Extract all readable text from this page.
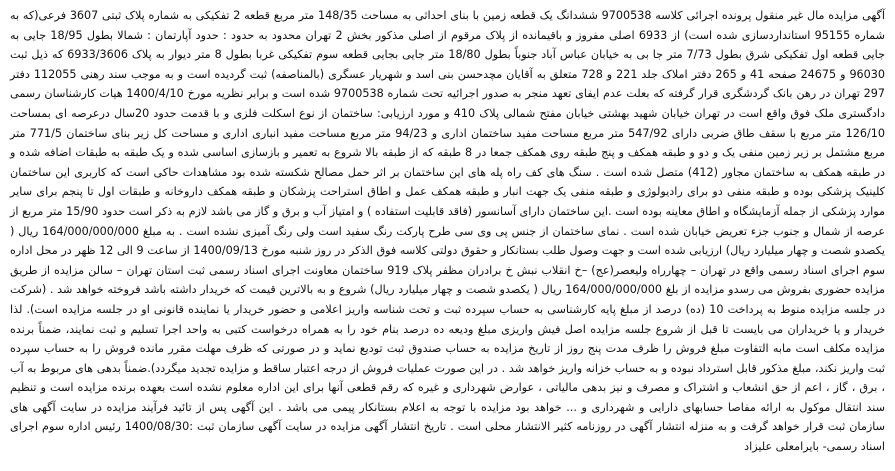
آگهی مزایده مال غیر منقول پرونده اجرائی کلاسه 9700538 ششدانگ یک قطعه زمین با بنای احداثی به مساحت 148/35 متر مربع قطعه 2 تفکیکی به شماره پلاک ثبتی 3607 فرعی(که به شماره 95155 استانداردسازی شده است) از 6933 اصلی مفروز و باقیمانده از پلاک مرقوم از اصلی مذکور بخش 2 تهران محدود به حدود : حدود آپارتمان : شمالا بطول 18/95 جایی به جایی قطعه اول تفکیکی شرق بطول 7/73 متر جا بی به خیابان عباس آباد جنوباً بطول 18/80 متر جایی بجایی قطعه سوم تفکیکی غربا بطول 8 متر دیوار به پلاک 6933/3606 که ذیل ثبت 96030 و 24675 صفحه 41 و 265 دفتر املاک جلد 221 و 728 متعلق به آقایان مچدحسن بنی اسد و شهریار عسگری (بالمناصفه) ثبت گردیده است و به موجب سند رهنی 112055 دفتر 297 تهران در رهن بانک گردشگری قرار گرفته که بعلت عدم ایفای تعهد منجر به صدور اجرائیه تحت شماره 9700538 شده است و برابر نظریه مورخ 1400/4/10 هیات کارشناسان رسمی دادگستری ملک فوق واقع است در تهران خیابان شهید بهشتی خیابان مفتح شمالی پلاک 410 و مورد ارزیابی: ساختمان از نوع اسکلت فلزی و با قدمت حدود 20سال درعرصه ای بمساحت 126/10 متر مربع با سقف طاق ضربی دارای 547/92 متر مربع مساحت مفید ساختمان اداری و 94/23 متر مربع مساحت مفید انباری اداری و مساحت کل زیر بنای ساختمان 771/5 متر مربع مشتمل بر زیر زمین منفی یک و دو و طبقه همکف و پنج طبقه روی همکف جمعا در 8 طبقه که از طبقه بالا شروع به تعمیر و بازسازی اساسی شده و یک طبقه به طبقات اضافه شده و در طبقه همکف به ساختمان مجاور (412) متصل شده است . سنگ های کف راه پله های این ساختمان بر اثر حمل مصالح شکسته شده بود مشاهدات حاکی است که کاربری این ساختمان کلینیک پزشکی بوده و طبقه منفی دو برای رادیولوژی و طبقه منفی یک جهت انبار و طبقه همکف عمل و اطاق استراحت پزشکان و طبقه همکف داروخانه و طبقات اول تا پنجم برای سایر موارد پزشکی از جمله آزمایشگاه و اطاق معاینه بوده است .این ساختمان دارای آسانسور (فاقد قابلیت استفاده ) و امتیاز آب و برق و گاز می باشد لازم به ذکر است حدود 15/90 متر مربع از عرصه از شمال و جنوب جزء تعریض خیابان شده است . نمای ساختمان از جنس پی وی سی طرح پارکت رنگ سفید است ولی رنگ آمیزی نشده است . به مبلغ 164/000/000/000 ریال ( یکصدو شصت و چهار میلیارد ریال) ارزیابی شده است و جهت وصول طلب بستانکار و حقوق دولتی کلاسه فوق الذکر در روز شنبه مورخ 1400/09/13 از ساعت 9 الی 12 ظهر در محل اداره سوم اجرای اسناد رسمی واقع در تهران – چهارراه ولیعصر(عج) –خ انقلاب نبش خ برادران مظفر پلاک 919 ساختمان معاونت اجرای اسناد رسمی ثبت استان تهران – سالن مزایده از طریق مزایده حضوری بفروش می رسدو مزایده از بلغ 164/000/000/000 ریال ( یکصدو شصت و چهار میلیارد ریال) شروع و به بالاترین قیمت که خریدار داشته باشد فروخته خواهد شد . (شرکت در جلسه مزایده منوط به پرداخت 10 (ده) درصد از مبلغ پایه کارشناسی به حساب سپرده ثبت و تحت شناسه واریز اعلامی و حضور خریدار یا نماینده قانونی او در جلسه مزایده است). لذا خریدار و یا خریداران می بایست تا قبل از شروع جلسه مزایده اصل فیش واریزی مبلغ ودیعه ده درصد بنام خود را به همراه درخواست کتبی به واحد اجرا تسلیم و ثبت نمایند، ضمناً برنده مزایده مکلف است مابه التفاوت مبلغ فروش را ظرف مدت پنج روز از تاریخ مزایده به حساب صندوق ثبت تودیع نماید و در صورتی که ظرف مهلت مقرر مانده فروش را به حساب سپرده ثبت واریز نکند، مبلغ مذکور قابل استرداد نبوده و به حساب خزانه واریز خواهد شد . در این صورت عملیات فروش از درجه اعتبار ساقط و مزایده تجدید میگردد).ضمناً بدهی های مربوط به آب ، برق ، گاز ، اعم از حق انشعاب و اشتراک و مصرف و نیز بدهی مالیاتی ، عوارض شهرداری و غیره که رقم قطعی آنها برای این اداره معلوم نشده است بعهده برنده مزایده است و تنظیم سند انتقال موکول به ارائه مفاصا حسابهای دارایی و شهرداری و ... خواهد بود مزایده با توجه به اعلام بستانکار پیمی می باشد . این آگهی پس از تائید فرآیند مزایده در سایت آگهی های سازمان ثبت قرار خواهد گرفت و به منزله انتشار آگهی در روزنامه کثیر الانتشار محلی است . تاریخ انتشار آگهی مزایده در سایت آگهی سازمان ثبت :1400/08/30 رئیس اداره سوم اجرای اسناد رسمی- بایرامعلی علیزاد
